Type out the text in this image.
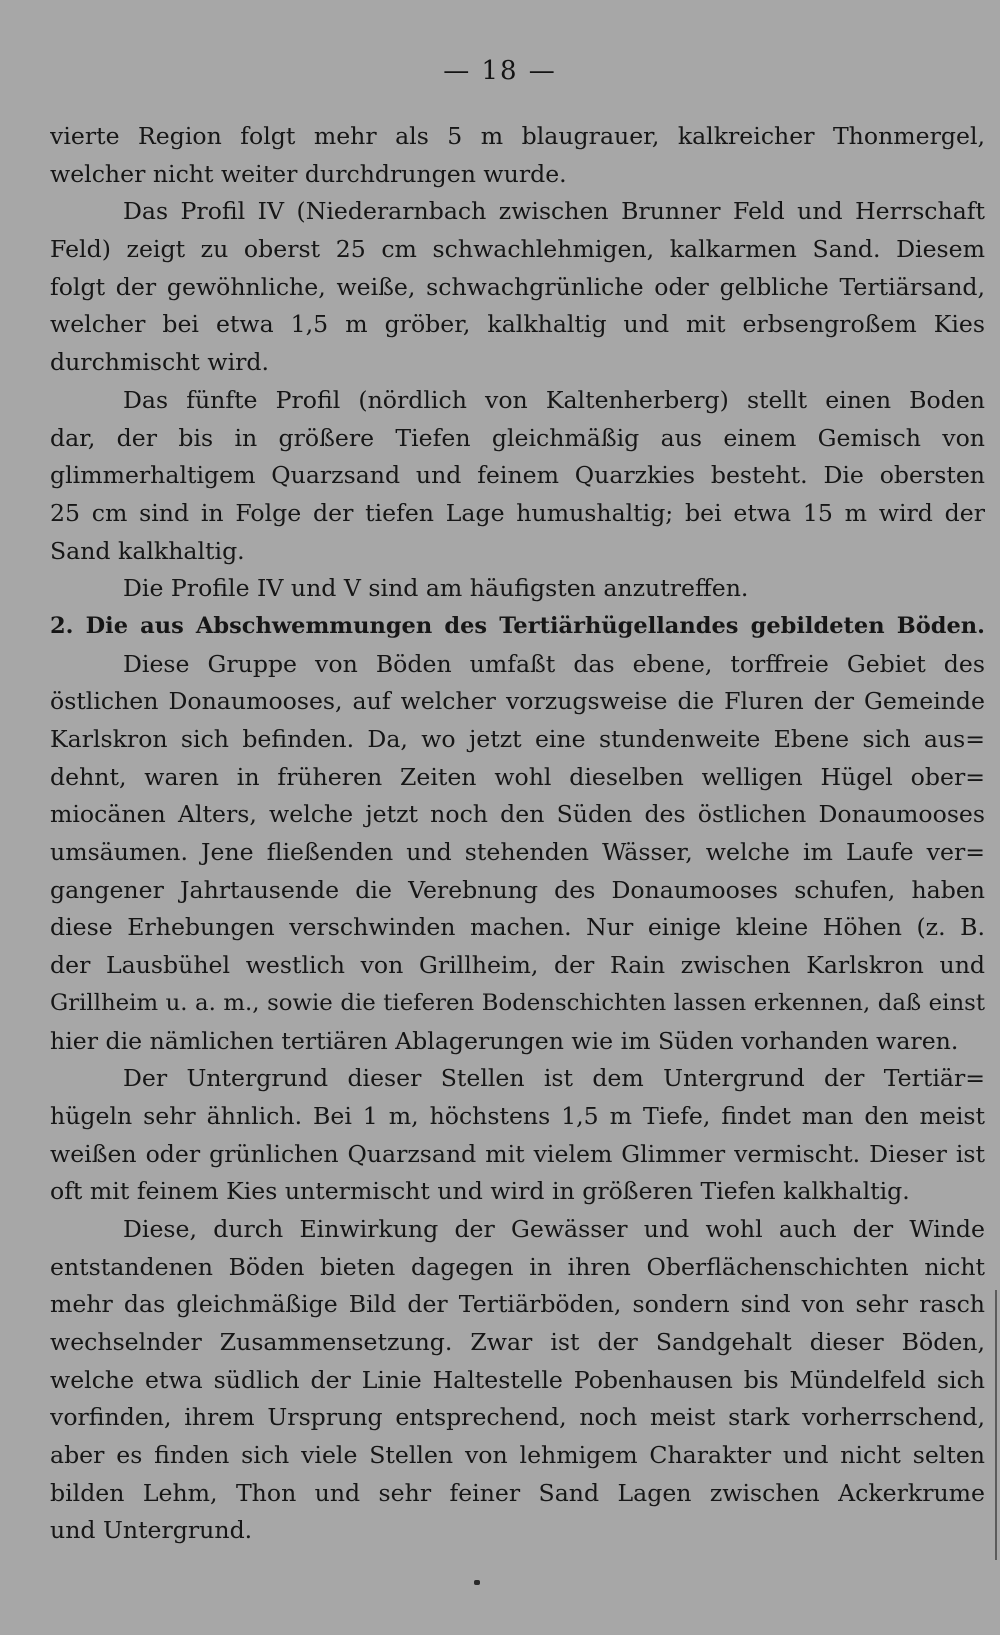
— 18 —
vierte Region folgt mehr als 5 m blaugrauer, kalkreicher Thonmergel,
welcher nicht weiter durchdrungen wurde.
Das Profil IV (Niederarnbach zwischen Brunner Feld und Herrschaft
Feld) zeigt zu oberst 25 cm schwachlehmigen, kalkarmen Sand. Diesem
folgt der gewöhnliche, weiße, schwachgrünliche oder gelbliche Tertiärsand,
welcher bei etwa 1,5 m gröber, kalkhaltig und mit erbsengroßem Kies
durchmischt wird.
Das fünfte Profil (nördlich von Kaltenherberg) stellt einen Boden
dar, der bis in größere Tiefen gleichmäßig aus einem Gemisch von
glimmerhaltigem Quarzsand und feinem Quarzkies besteht. Die obersten
25 cm sind in Folge der tiefen Lage humushaltig; bei etwa 15 m wird der
Sand kalkhaltig.
Die Profile IV und V sind am häufigsten anzutreffen.
2. Die aus Abschwemmungen des Tertiärhügellandes gebildeten Böden.
Diese Gruppe von Böden umfaßt das ebene, torffreie Gebiet des
östlichen Donaumooses, auf welcher vorzugsweise die Fluren der Gemeinde
Karlskron sich befinden. Da, wo jetzt eine stundenweite Ebene sich aus=
dehnt, waren in früheren Zeiten wohl dieselben welligen Hügel ober=
miocänen Alters, welche jetzt noch den Süden des östlichen Donaumooses
umsäumen. Jene fließenden und stehenden Wässer, welche im Laufe ver=
gangener Jahrtausende die Verebnung des Donaumooses schufen, haben
diese Erhebungen verschwinden machen. Nur einige kleine Höhen (z. B.
der Lausbühel westlich von Grillheim, der Rain zwischen Karlskron und
Grillheim u. a. m., sowie die tieferen Bodenschichten lassen erkennen, daß einst
hier die nämlichen tertiären Ablagerungen wie im Süden vorhanden waren.
Der Untergrund dieser Stellen ist dem Untergrund der Tertiär=
hügeln sehr ähnlich. Bei 1 m, höchstens 1,5 m Tiefe, findet man den meist
weißen oder grünlichen Quarzsand mit vielem Glimmer vermischt. Dieser ist
oft mit feinem Kies untermischt und wird in größeren Tiefen kalkhaltig.
Diese, durch Einwirkung der Gewässer und wohl auch der Winde
entstandenen Böden bieten dagegen in ihren Oberflächenschichten nicht
mehr das gleichmäßige Bild der Tertiärböden, sondern sind von sehr rasch
wechselnder Zusammensetzung. Zwar ist der Sandgehalt dieser Böden,
welche etwa südlich der Linie Haltestelle Pobenhausen bis Mündelfeld sich
vorfinden, ihrem Ursprung entsprechend, noch meist stark vorherrschend,
aber es finden sich viele Stellen von lehmigem Charakter und nicht selten
bilden Lehm, Thon und sehr feiner Sand Lagen zwischen Ackerkrume
und Untergrund.
